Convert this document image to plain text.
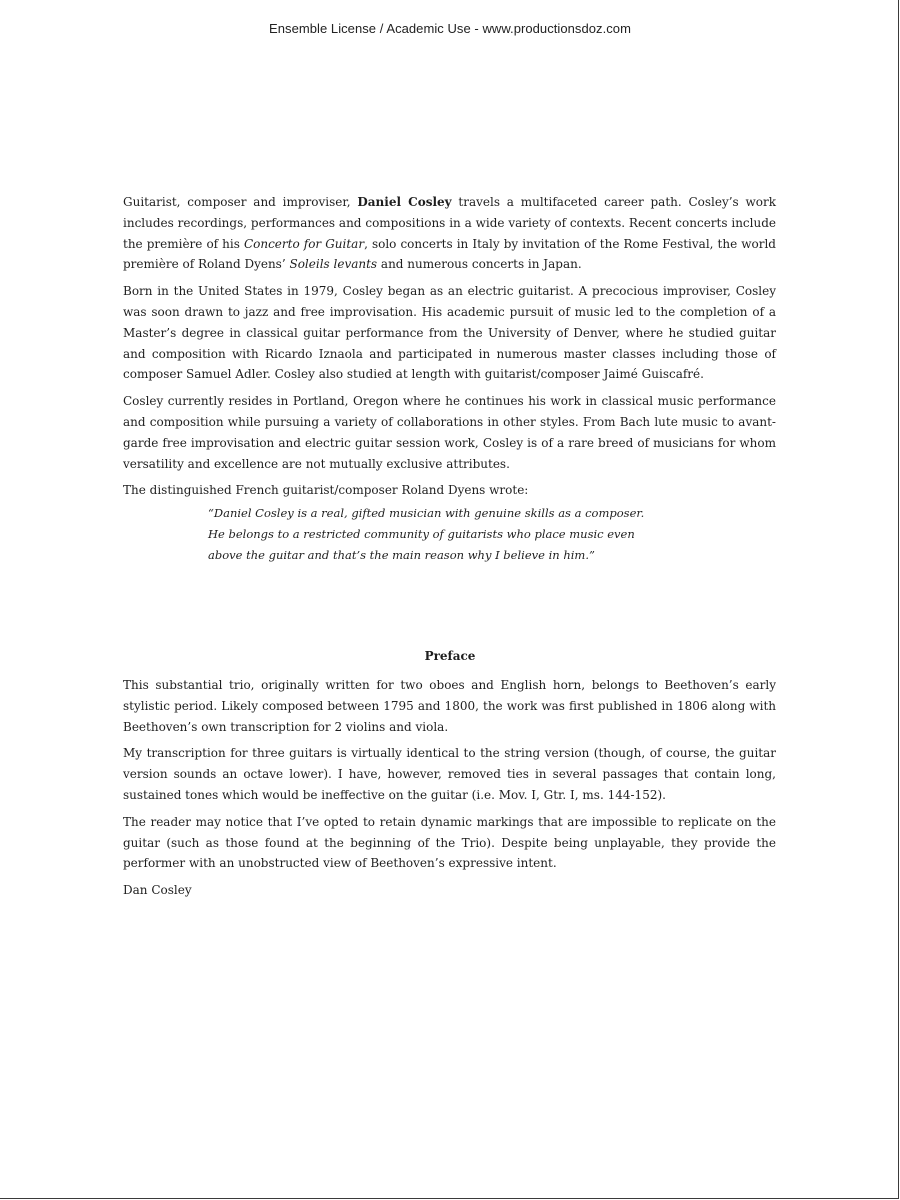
Ensemble License / Academic Use - www.productionsdoz.com

Guitarist, composer and improviser, Daniel Cosley travels a multifaceted career path. Cosley’s work includes recordings, performances and compositions in a wide variety of contexts. Recent concerts include the première of his Concerto for Guitar, solo concerts in Italy by invitation of the Rome Festival, the world première of Roland Dyens’ Soleils levants and numerous concerts in Japan.

Born in the United States in 1979, Cosley began as an electric guitarist. A precocious improviser, Cosley was soon drawn to jazz and free improvisation. His academic pursuit of music led to the completion of a Master’s degree in classical guitar performance from the University of Denver, where he studied guitar and composition with Ricardo Iznaola and participated in numerous master classes including those of composer Samuel Adler. Cosley also studied at length with guitarist/composer Jaimé Guiscafré.

Cosley currently resides in Portland, Oregon where he continues his work in classical music performance and composition while pursuing a variety of collaborations in other styles. From Bach lute music to avant-garde free improvisation and electric guitar session work, Cosley is of a rare breed of musicians for whom versatility and excellence are not mutually exclusive attributes.

The distinguished French guitarist/composer Roland Dyens wrote:

“Daniel Cosley is a real, gifted musician with genuine skills as a composer.
He belongs to a restricted community of guitarists who place music even
above the guitar and that’s the main reason why I believe in him.”
Preface

This substantial trio, originally written for two oboes and English horn, belongs to Beethoven’s early stylistic period. Likely composed between 1795 and 1800, the work was first published in 1806 along with Beethoven’s own transcription for 2 violins and viola.

My transcription for three guitars is virtually identical to the string version (though, of course, the guitar version sounds an octave lower). I have, however, removed ties in several passages that contain long, sustained tones which would be ineffective on the guitar (i.e. Mov. I, Gtr. I, ms. 144-152).

The reader may notice that I’ve opted to retain dynamic markings that are impossible to replicate on the guitar (such as those found at the beginning of the Trio). Despite being unplayable, they provide the performer with an unobstructed view of Beethoven’s expressive intent.

Dan Cosley
